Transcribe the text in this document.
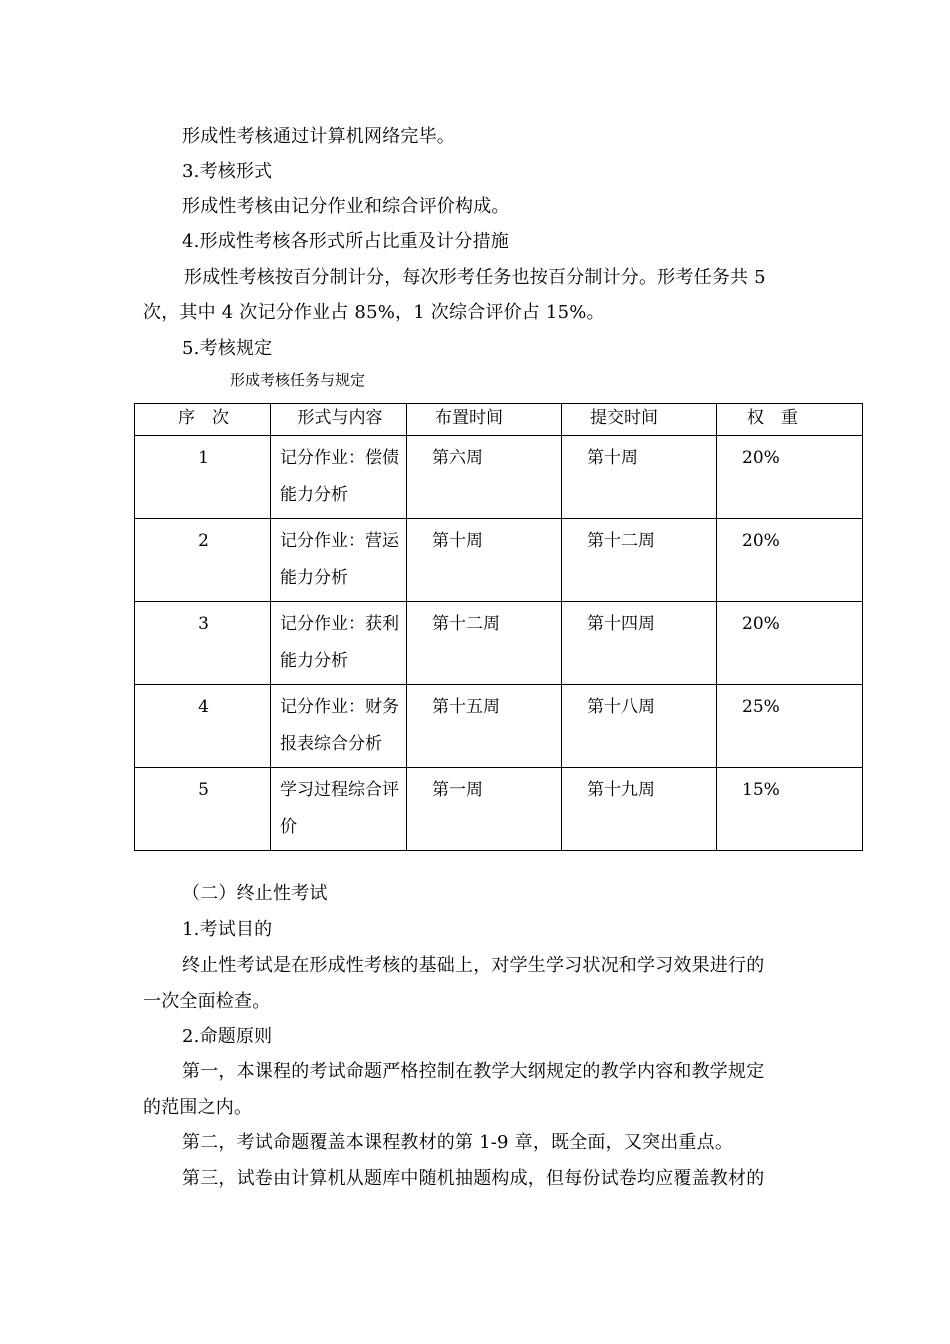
形成性考核通过计算机网络完毕。
3.考核形式
形成性考核由记分作业和综合评价构成。
4.形成性考核各形式所占比重及计分措施
形成性考核按百分制计分，每次形考任务也按百分制计分。形考任务共 5
次，其中 4 次记分作业占 85%，1 次综合评价占 15%。
5.考核规定
形成考核任务与规定
序　次	形式与内容	布置时间	提交时间	权　重
1	记分作业：偿债能力分析	第六周	第十周	20%
2	记分作业：营运能力分析	第十周	第十二周	20%
3	记分作业：获利能力分析	第十二周	第十四周	20%
4	记分作业：财务报表综合分析	第十五周	第十八周	25%
5	学习过程综合评价	第一周	第十九周	15%
（二）终止性考试
1.考试目的
终止性考试是在形成性考核的基础上，对学生学习状况和学习效果进行的
一次全面检查。
2.命题原则
第一，本课程的考试命题严格控制在教学大纲规定的教学内容和教学规定
的范围之内。
第二，考试命题覆盖本课程教材的第 1-9 章，既全面，又突出重点。
第三，试卷由计算机从题库中随机抽题构成，但每份试卷均应覆盖教材的
